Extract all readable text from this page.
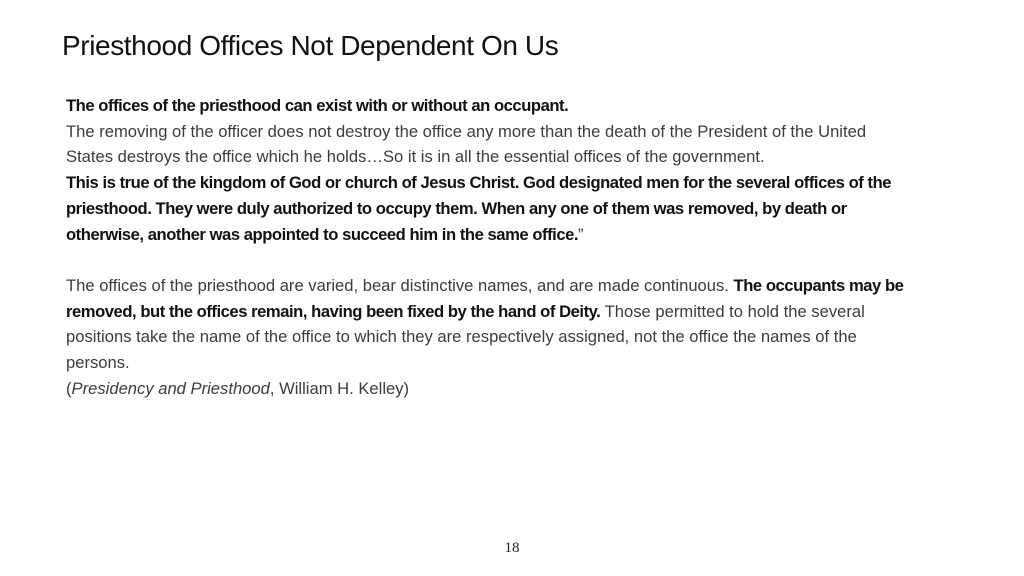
Priesthood Offices Not Dependent On Us

The offices of the priesthood can exist with or without an occupant.
The removing of the officer does not destroy the office any more than the death of the President of the United States destroys the office which he holds…So it is in all the essential offices of the government.
This is true of the kingdom of God or church of Jesus Christ. God designated men for the several offices of the priesthood. They were duly authorized to occupy them. When any one of them was removed, by death or otherwise, another was appointed to succeed him in the same office.”

The offices of the priesthood are varied, bear distinctive names, and are made continuous. The occupants may be removed, but the offices remain, having been fixed by the hand of Deity. Those permitted to hold the several positions take the name of the office to which they are respectively assigned, not the office the names of the persons.
(Presidency and Priesthood, William H. Kelley)

18
